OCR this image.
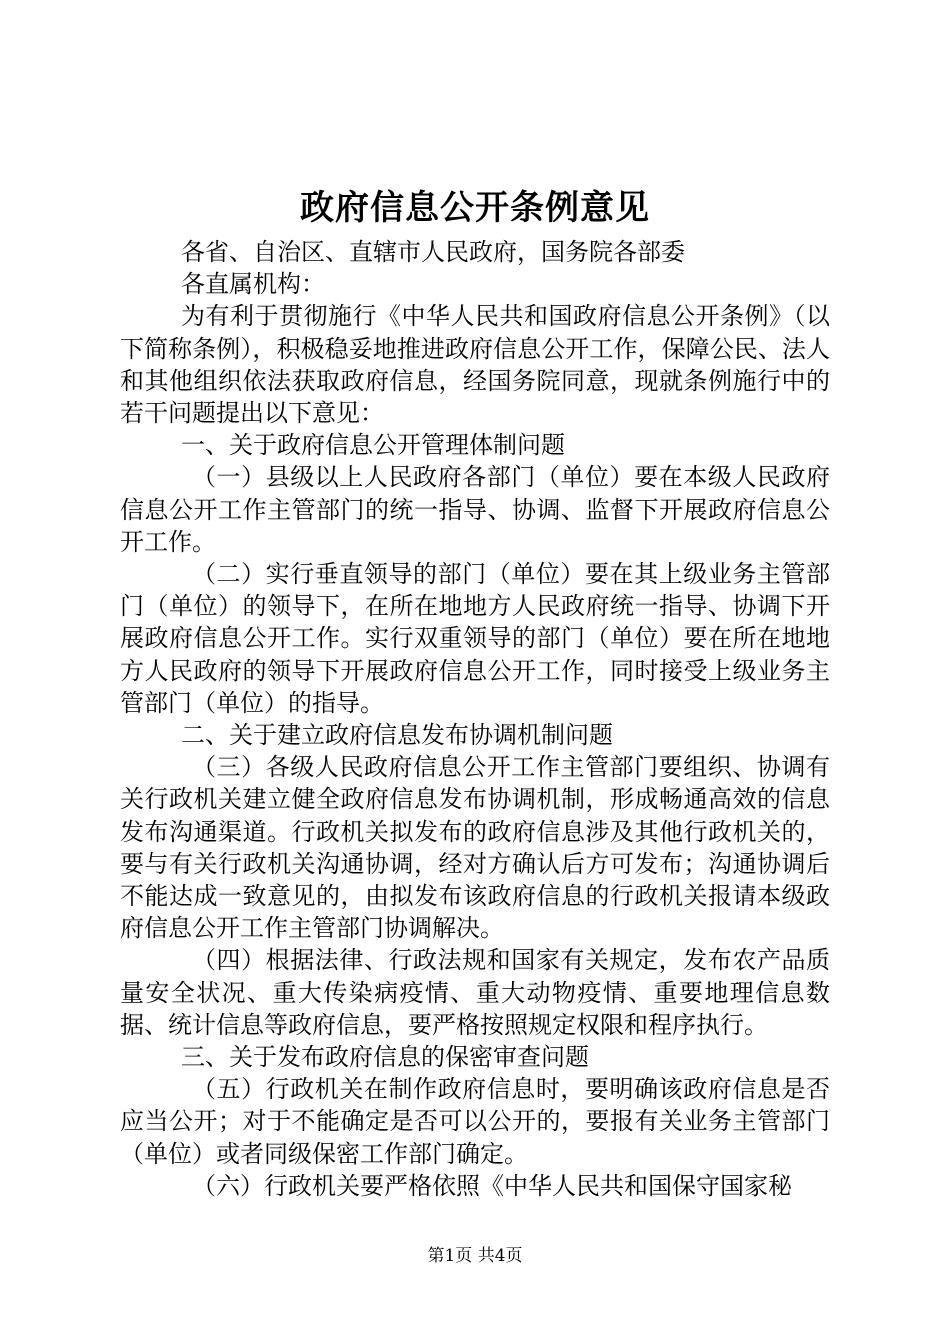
政府信息公开条例意见

各省、自治区、直辖市人民政府，国务院各部委

各直属机构：

为有利于贯彻施行《中华人民共和国政府信息公开条例》（以下简称条例），积极稳妥地推进政府信息公开工作，保障公民、法人和其他组织依法获取政府信息，经国务院同意，现就条例施行中的若干问题提出以下意见：

一、关于政府信息公开管理体制问题

（一）县级以上人民政府各部门（单位）要在本级人民政府信息公开工作主管部门的统一指导、协调、监督下开展政府信息公开工作。

（二）实行垂直领导的部门（单位）要在其上级业务主管部门（单位）的领导下，在所在地地方人民政府统一指导、协调下开展政府信息公开工作。实行双重领导的部门（单位）要在所在地地方人民政府的领导下开展政府信息公开工作，同时接受上级业务主管部门（单位）的指导。

二、关于建立政府信息发布协调机制问题

（三）各级人民政府信息公开工作主管部门要组织、协调有关行政机关建立健全政府信息发布协调机制，形成畅通高效的信息发布沟通渠道。行政机关拟发布的政府信息涉及其他行政机关的，要与有关行政机关沟通协调，经对方确认后方可发布；沟通协调后不能达成一致意见的，由拟发布该政府信息的行政机关报请本级政府信息公开工作主管部门协调解决。

（四）根据法律、行政法规和国家有关规定，发布农产品质量安全状况、重大传染病疫情、重大动物疫情、重要地理信息数据、统计信息等政府信息，要严格按照规定权限和程序执行。

三、关于发布政府信息的保密审查问题

（五）行政机关在制作政府信息时，要明确该政府信息是否应当公开；对于不能确定是否可以公开的，要报有关业务主管部门（单位）或者同级保密工作部门确定。

（六）行政机关要严格依照《中华人民共和国保守国家秘

第1页 共4页
